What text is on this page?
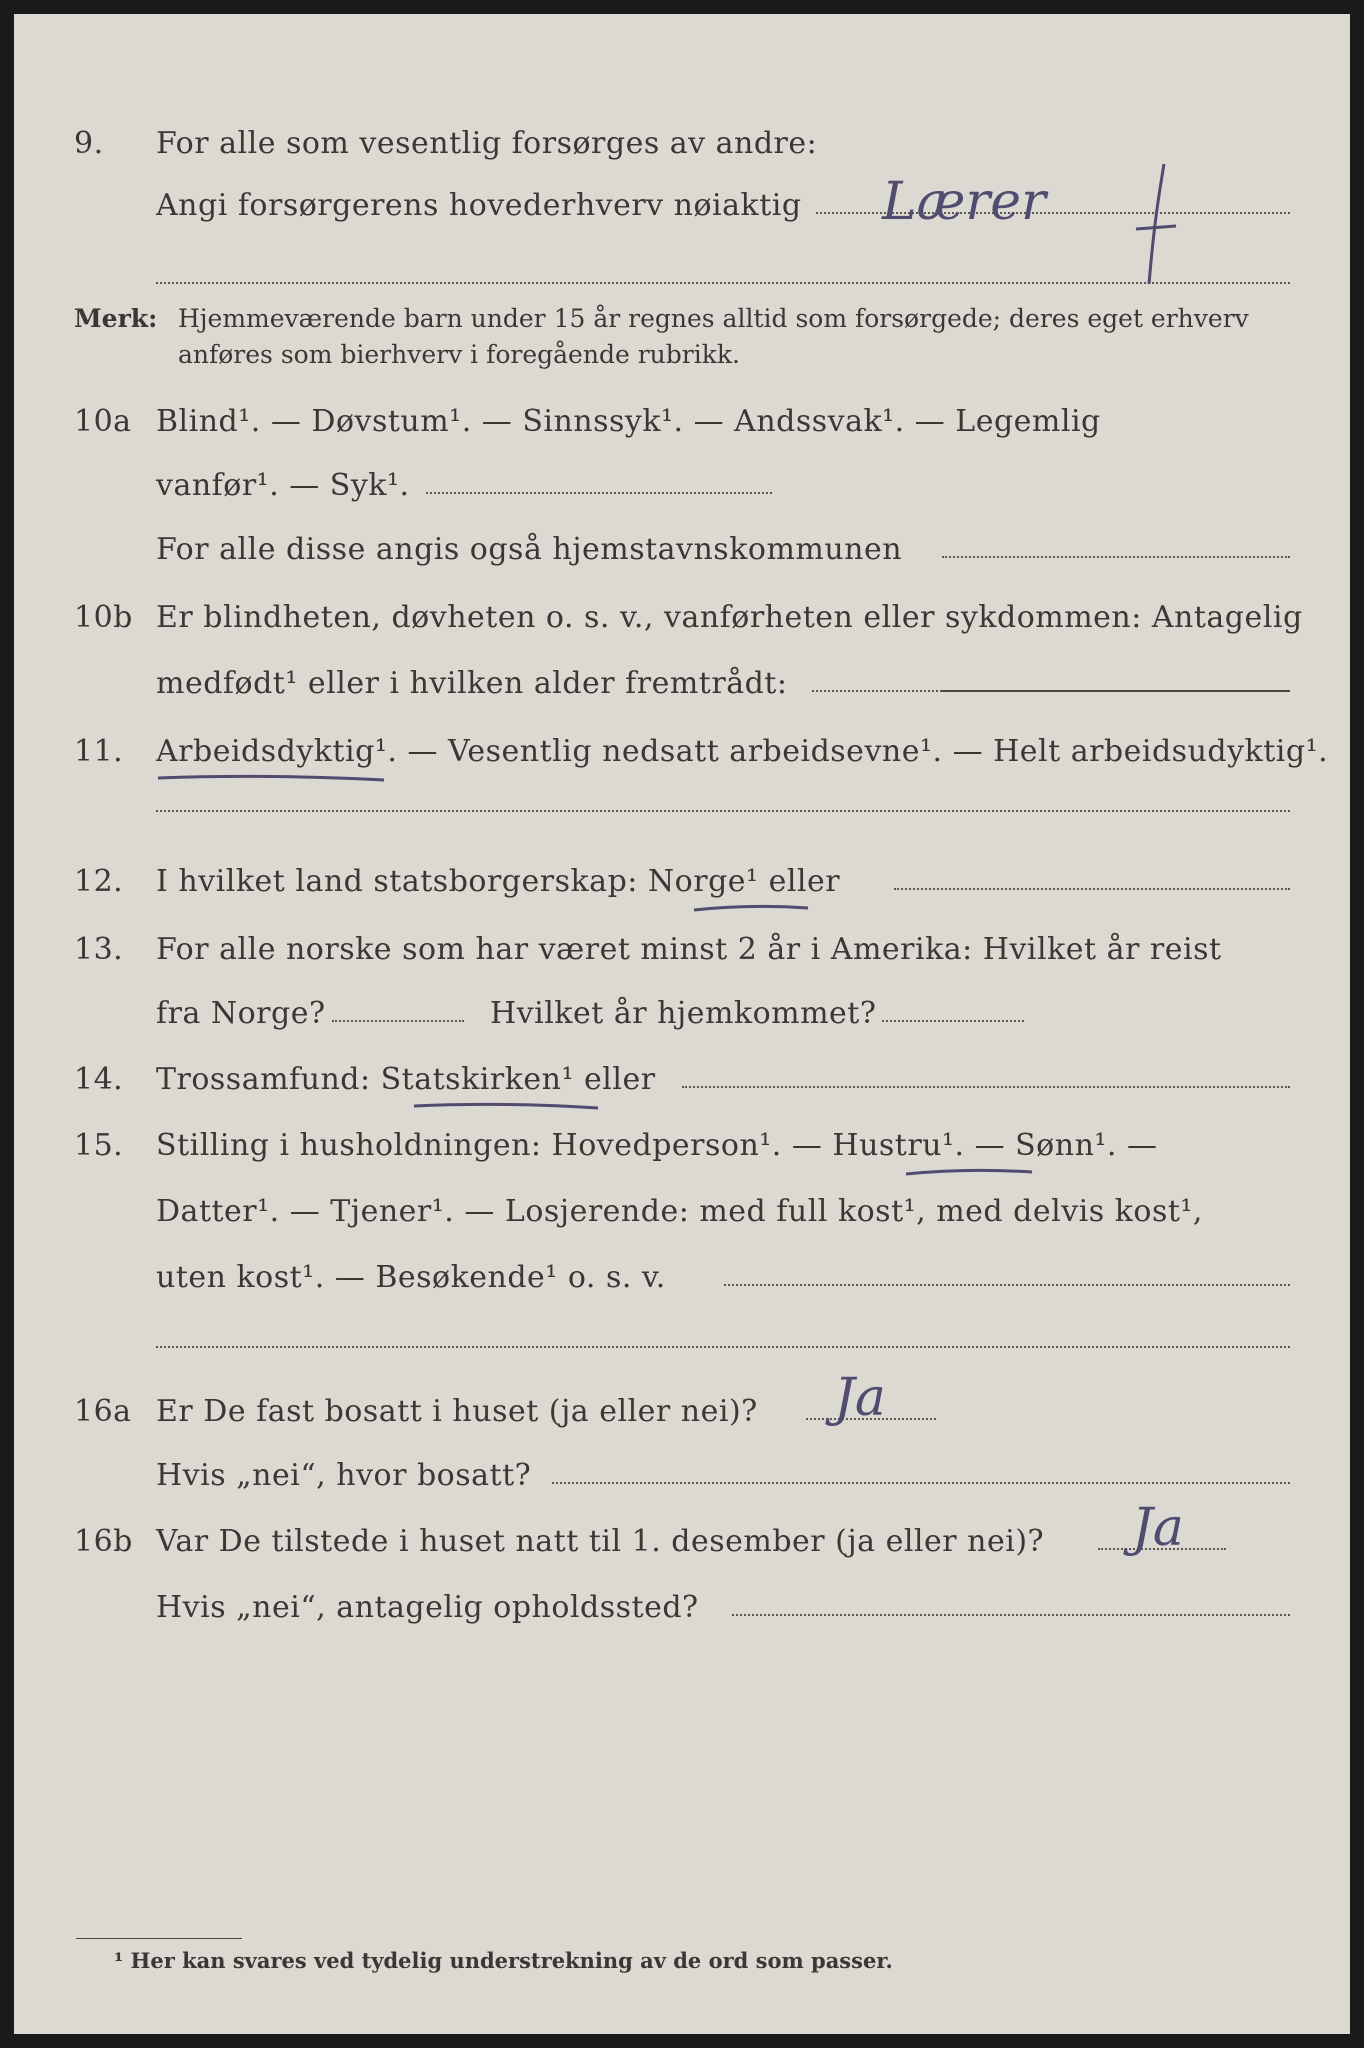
9. For alle som vesentlig forsørges av andre:
Angi forsørgerens hovederhverv nøiaktig Lærer
Merk: Hjemmeværende barn under 15 år regnes alltid som forsørgede; deres eget erhverv
anføres som bierhverv i foregående rubrikk.
10a Blind¹. — Døvstum¹. — Sinnssyk¹. — Andssvak¹. — Legemlig
vanfør¹. — Syk¹.
For alle disse angis også hjemstavnskommunen
10b Er blindheten, døvheten o. s. v., vanførheten eller sykdommen: Antagelig
medfødt¹ eller i hvilken alder fremtrådt:
11. Arbeidsdyktig¹. — Vesentlig nedsatt arbeidsevne¹. — Helt arbeidsudyktig¹.
12. I hvilket land statsborgerskap: Norge¹ eller
13. For alle norske som har været minst 2 år i Amerika: Hvilket år reist
fra Norge?	Hvilket år hjemkommet?
14. Trossamfund: Statskirken¹ eller
15. Stilling i husholdningen: Hovedperson¹. — Hustru¹. — Sønn¹. —
Datter¹. — Tjener¹. — Losjerende: med full kost¹, med delvis kost¹,
uten kost¹. — Besøkende¹ o. s. v.
16a Er De fast bosatt i huset (ja eller nei)? Ja
Hvis „nei“, hvor bosatt?
16b Var De tilstede i huset natt til 1. desember (ja eller nei)? Ja
Hvis „nei“, antagelig opholdssted?
¹ Her kan svares ved tydelig understrekning av de ord som passer.
